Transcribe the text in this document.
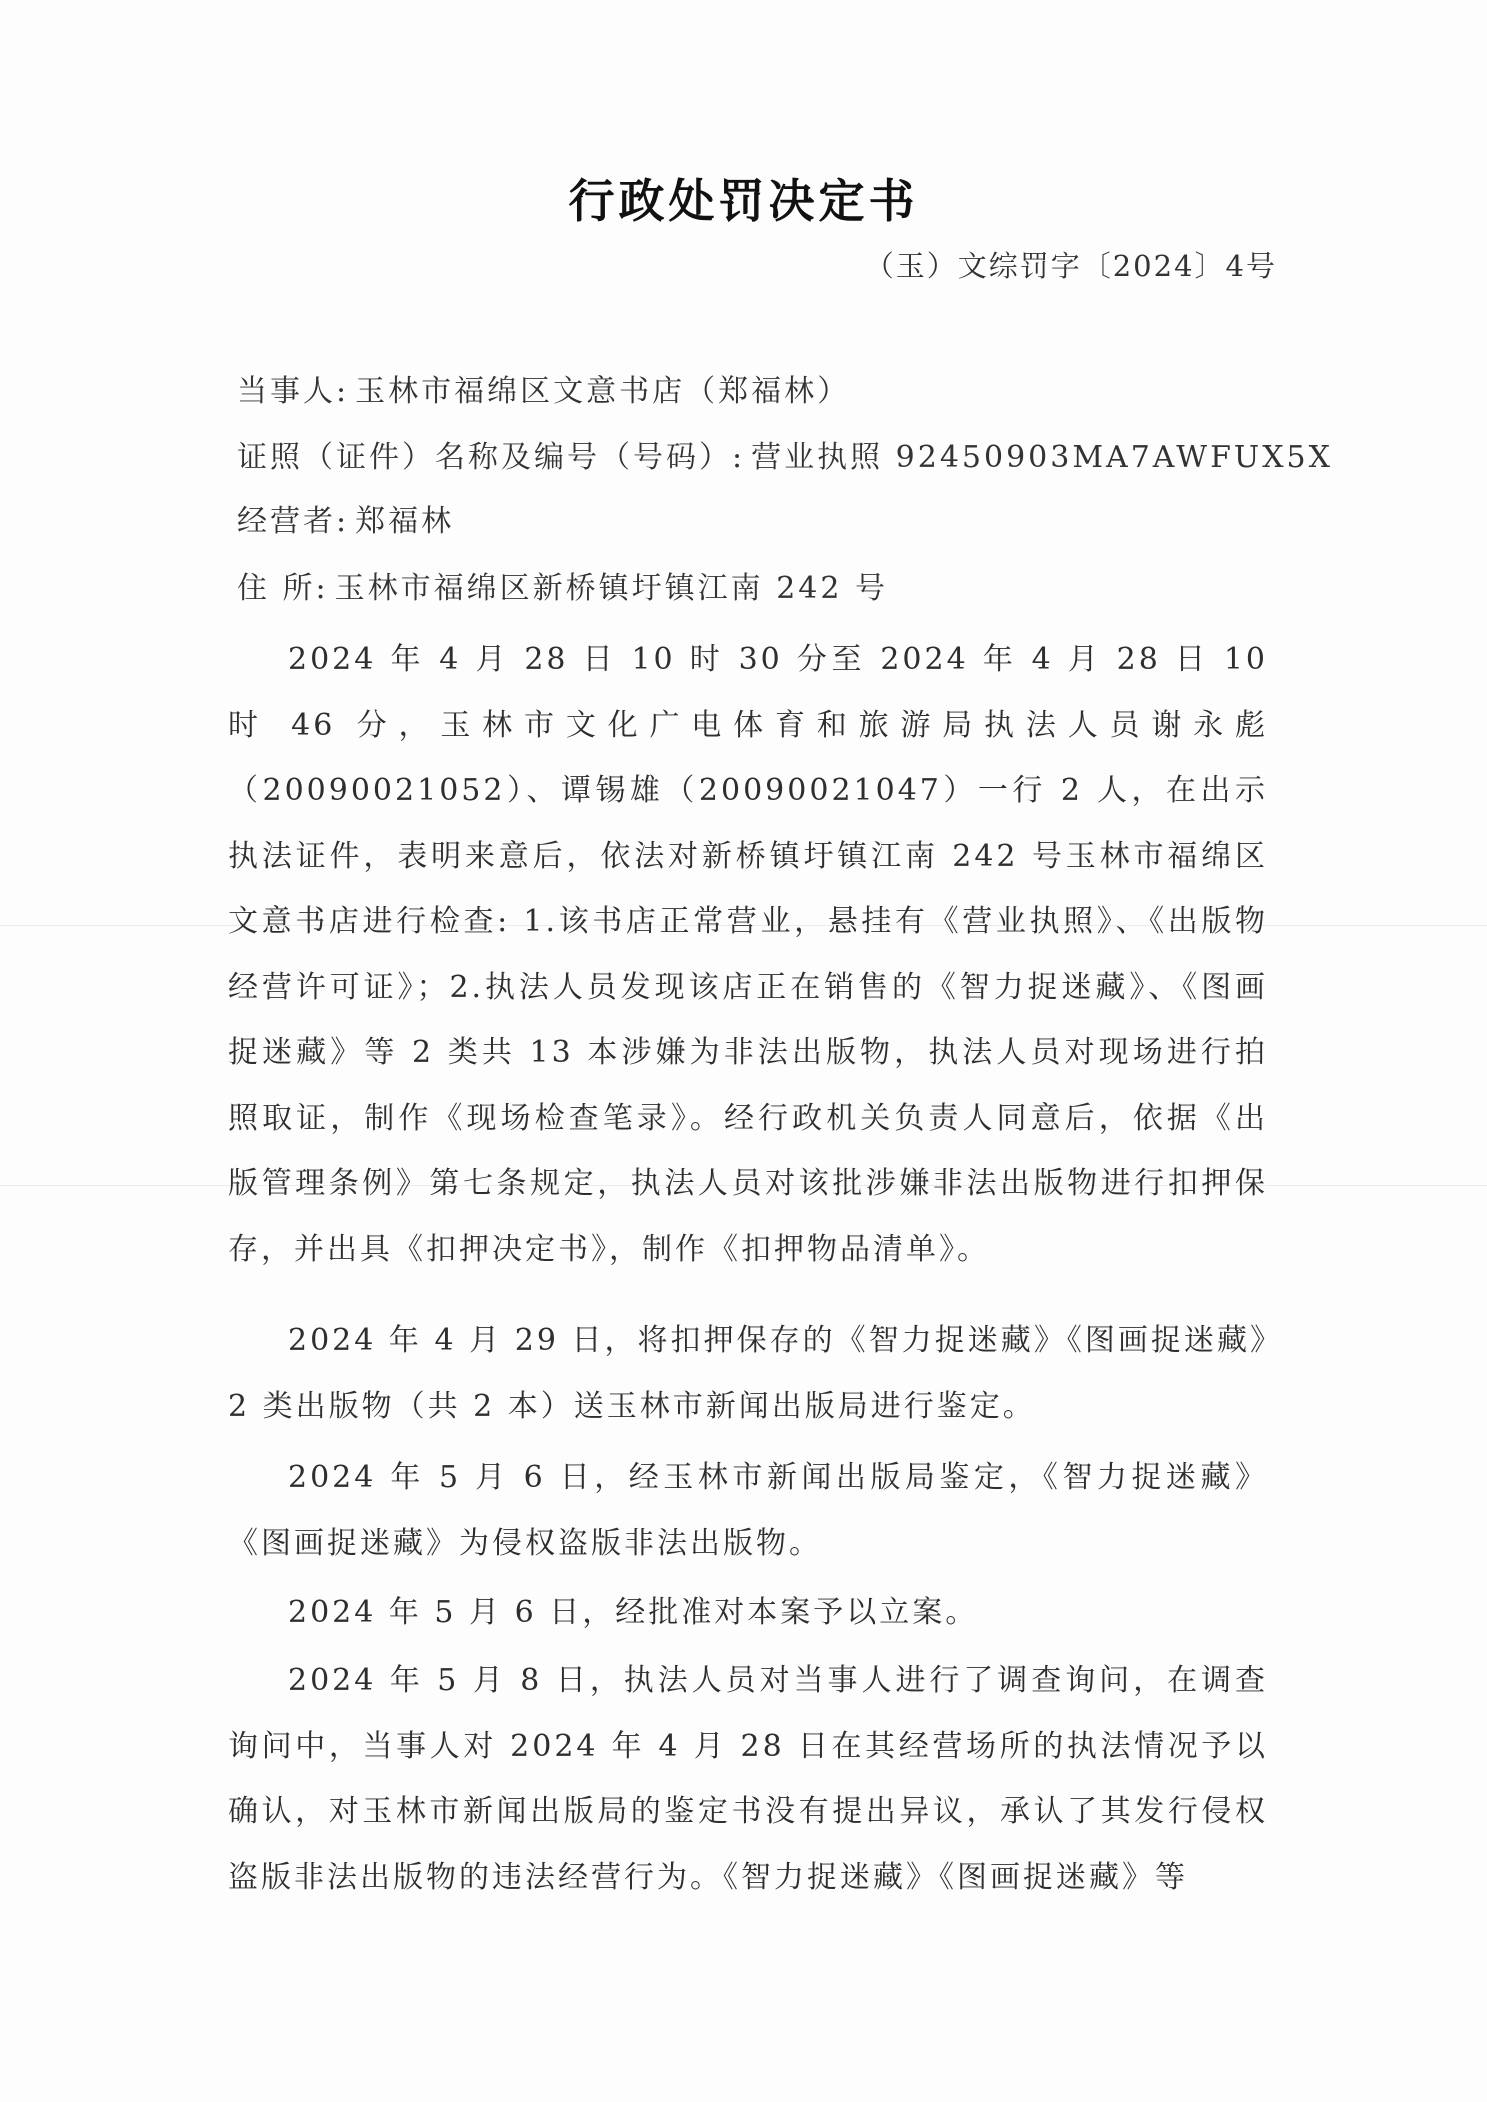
行政处罚决定书
（玉）文综罚字〔2024〕4号
当事人: 玉林市福绵区文意书店（郑福林）
证照（证件）名称及编号（号码）: 营业执照 92450903MA7AWFUX5X
经营者: 郑福林
住 所: 玉林市福绵区新桥镇圩镇江南 242 号
2024 年 4 月 28 日 10 时 30 分至 2024 年 4 月 28 日 10 时 46 分，玉林市文化广电体育和旅游局执法人员谢永彪（20090021052）、谭锡雄（20090021047）一行 2 人，在出示执法证件，表明来意后，依法对新桥镇圩镇江南 242 号玉林市福绵区文意书店进行检查: 1.该书店正常营业，悬挂有《营业执照》、《出版物经营许可证》；2.执法人员发现该店正在销售的《智力捉迷藏》、《图画捉迷藏》等 2 类共 13 本涉嫌为非法出版物，执法人员对现场进行拍照取证，制作《现场检查笔录》。经行政机关负责人同意后，依据《出版管理条例》第七条规定，执法人员对该批涉嫌非法出版物进行扣押保存，并出具《扣押决定书》，制作《扣押物品清单》。
2024 年 4 月 29 日，将扣押保存的《智力捉迷藏》《图画捉迷藏》2 类出版物（共 2 本）送玉林市新闻出版局进行鉴定。
2024 年 5 月 6 日，经玉林市新闻出版局鉴定，《智力捉迷藏》《图画捉迷藏》为侵权盗版非法出版物。
2024 年 5 月 6 日，经批准对本案予以立案。
2024 年 5 月 8 日，执法人员对当事人进行了调查询问，在调查询问中，当事人对 2024 年 4 月 28 日在其经营场所的执法情况予以确认，对玉林市新闻出版局的鉴定书没有提出异议，承认了其发行侵权盗版非法出版物的违法经营行为。《智力捉迷藏》《图画捉迷藏》等
